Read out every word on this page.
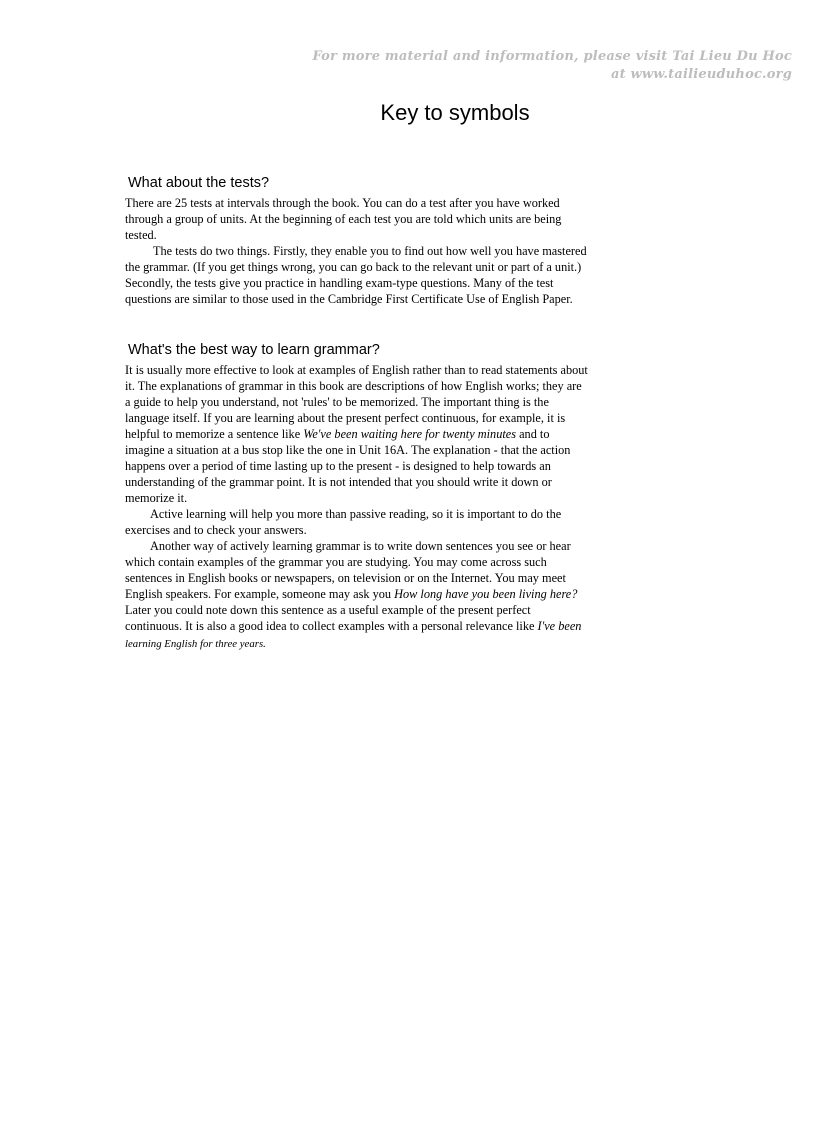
For more material and information, please visit Tai Lieu Du Hoc
at www.tailieuduhoc.org
Key to symbols
What about the tests?

There are 25 tests at intervals through the book. You can do a test after you have worked through a group of units. At the beginning of each test you are told which units are being tested.

The tests do two things. Firstly, they enable you to find out how well you have mastered the grammar. (If you get things wrong, you can go back to the relevant unit or part of a unit.) Secondly, the tests give you practice in handling exam-type questions. Many of the test questions are similar to those used in the Cambridge First Certificate Use of English Paper.

What's the best way to learn grammar?

It is usually more effective to look at examples of English rather than to read statements about it. The explanations of grammar in this book are descriptions of how English works; they are a guide to help you understand, not 'rules' to be memorized. The important thing is the language itself. If you are learning about the present perfect continuous, for example, it is helpful to memorize a sentence like We've been waiting here for twenty minutes and to imagine a situation at a bus stop like the one in Unit 16A. The explanation - that the action happens over a period of time lasting up to the present - is designed to help towards an understanding of the grammar point. It is not intended that you should write it down or memorize it.

Active learning will help you more than passive reading, so it is important to do the exercises and to check your answers.

Another way of actively learning grammar is to write down sentences you see or hear which contain examples of the grammar you are studying. You may come across such sentences in English books or newspapers, on television or on the Internet. You may meet English speakers. For example, someone may ask you How long have you been living here? Later you could note down this sentence as a useful example of the present perfect continuous. It is also a good idea to collect examples with a personal relevance like I've been learning English for three years.
